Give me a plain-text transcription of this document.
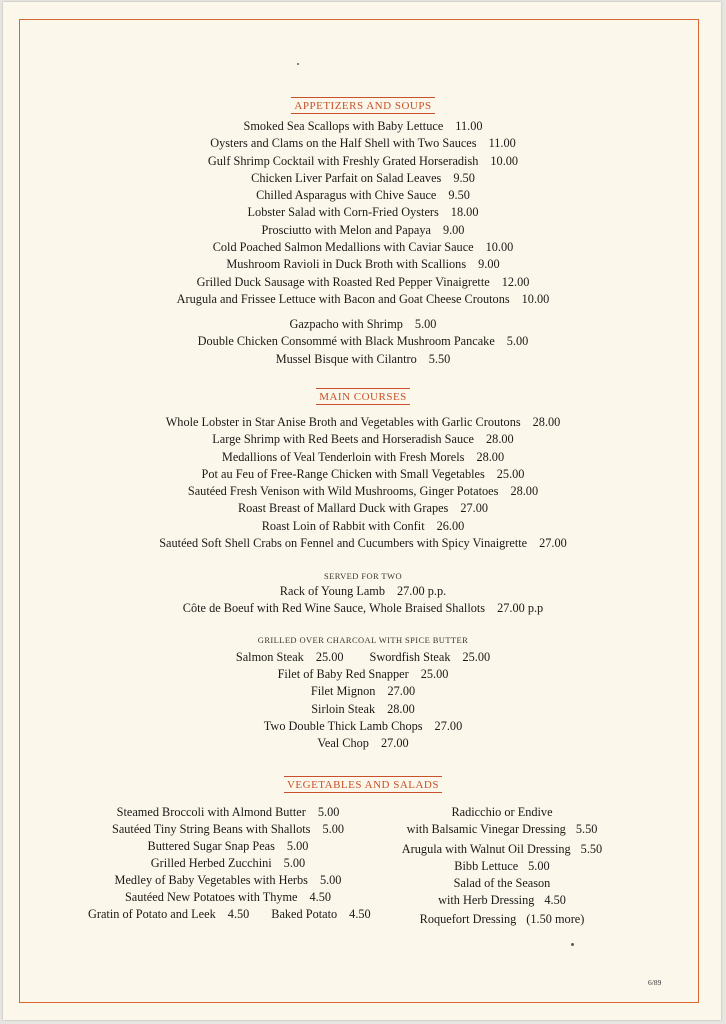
APPETIZERS AND SOUPS
Smoked Sea Scallops with Baby Lettuce 11.00
Oysters and Clams on the Half Shell with Two Sauces 11.00
Gulf Shrimp Cocktail with Freshly Grated Horseradish 10.00
Chicken Liver Parfait on Salad Leaves 9.50
Chilled Asparagus with Chive Sauce 9.50
Lobster Salad with Corn-Fried Oysters 18.00
Prosciutto with Melon and Papaya 9.00
Cold Poached Salmon Medallions with Caviar Sauce 10.00
Mushroom Ravioli in Duck Broth with Scallions 9.00
Grilled Duck Sausage with Roasted Red Pepper Vinaigrette 12.00
Arugula and Frissee Lettuce with Bacon and Goat Cheese Croutons 10.00
Gazpacho with Shrimp 5.00
Double Chicken Consommé with Black Mushroom Pancake 5.00
Mussel Bisque with Cilantro 5.50
MAIN COURSES
Whole Lobster in Star Anise Broth and Vegetables with Garlic Croutons 28.00
Large Shrimp with Red Beets and Horseradish Sauce 28.00
Medallions of Veal Tenderloin with Fresh Morels 28.00
Pot au Feu of Free-Range Chicken with Small Vegetables 25.00
Sautéed Fresh Venison with Wild Mushrooms, Ginger Potatoes 28.00
Roast Breast of Mallard Duck with Grapes 27.00
Roast Loin of Rabbit with Confit 26.00
Sautéed Soft Shell Crabs on Fennel and Cucumbers with Spicy Vinaigrette 27.00
SERVED FOR TWO
Rack of Young Lamb 27.00 p.p.
Côte de Boeuf with Red Wine Sauce, Whole Braised Shallots 27.00 p.p
GRILLED OVER CHARCOAL WITH SPICE BUTTER
Salmon Steak 25.00 Swordfish Steak 25.00
Filet of Baby Red Snapper 25.00
Filet Mignon 27.00
Sirloin Steak 28.00
Two Double Thick Lamb Chops 27.00
Veal Chop 27.00
VEGETABLES AND SALADS
Steamed Broccoli with Almond Butter 5.00
Sautéed Tiny String Beans with Shallots 5.00
Buttered Sugar Snap Peas 5.00
Grilled Herbed Zucchini 5.00
Medley of Baby Vegetables with Herbs 5.00
Sautéed New Potatoes with Thyme 4.50
Gratin of Potato and Leek 4.50 Baked Potato 4.50
Radicchio or Endive
with Balsamic Vinegar Dressing 5.50
Arugula with Walnut Oil Dressing 5.50
Bibb Lettuce 5.00
Salad of the Season
with Herb Dressing 4.50
Roquefort Dressing (1.50 more)
6/89
